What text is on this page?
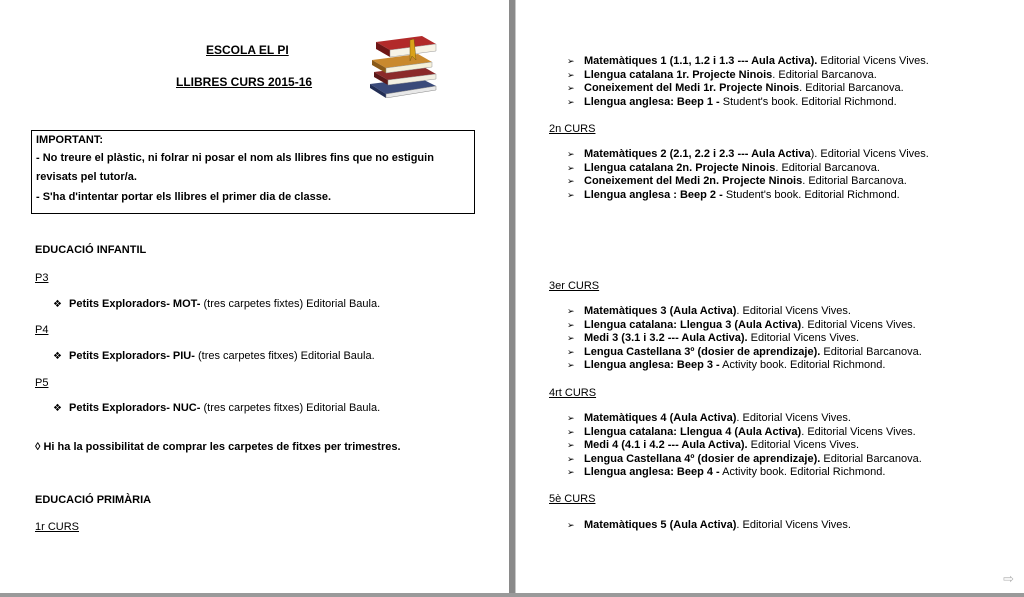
ESCOLA EL PI
LLIBRES CURS 2015-16
IMPORTANT:
- No treure el plàstic, ni folrar ni posar el nom als llibres fins que no estiguin
revisats pel tutor/a.
- S'ha d'intentar portar els llibres el primer dia de classe.
EDUCACIÓ INFANTIL
P3
❖ Petits Exploradors- MOT- (tres carpetes fixtes) Editorial Baula.
P4
❖ Petits Exploradors- PIU- (tres carpetes fitxes) Editorial Baula.
P5
❖ Petits Exploradors- NUC- (tres carpetes fitxes) Editorial Baula.
◊ Hi ha la possibilitat de comprar les carpetes de fitxes per trimestres.
EDUCACIÓ PRIMÀRIA
1r CURS
➢ Matemàtiques 1 (1.1, 1.2 i 1.3 --- Aula Activa). Editorial Vicens Vives.
➢ Llengua catalana 1r. Projecte Ninois. Editorial Barcanova.
➢ Coneixement del Medi 1r. Projecte Ninois. Editorial Barcanova.
➢ Llengua anglesa: Beep 1 - Student's book. Editorial Richmond.
2n CURS
➢ Matemàtiques 2 (2.1, 2.2 i 2.3 --- Aula Activa). Editorial Vicens Vives.
➢ Llengua catalana 2n. Projecte Ninois. Editorial Barcanova.
➢ Coneixement del Medi 2n. Projecte Ninois. Editorial Barcanova.
➢ Llengua anglesa : Beep 2 - Student's book. Editorial Richmond.
3er CURS
➢ Matemàtiques 3 (Aula Activa). Editorial Vicens Vives.
➢ Llengua catalana: Llengua 3 (Aula Activa). Editorial Vicens Vives.
➢ Medi 3 (3.1 i 3.2 --- Aula Activa). Editorial Vicens Vives.
➢ Lengua Castellana 3º (dosier de aprendizaje). Editorial Barcanova.
➢ Llengua anglesa: Beep 3 - Activity book. Editorial Richmond.
4rt CURS
➢ Matemàtiques 4 (Aula Activa). Editorial Vicens Vives.
➢ Llengua catalana: Llengua 4 (Aula Activa). Editorial Vicens Vives.
➢ Medi 4 (4.1 i 4.2 --- Aula Activa). Editorial Vicens Vives.
➢ Lengua Castellana 4º (dosier de aprendizaje). Editorial Barcanova.
➢ Llengua anglesa: Beep 4 - Activity book. Editorial Richmond.
5è CURS
➢ Matemàtiques 5 (Aula Activa). Editorial Vicens Vives.
⇨
